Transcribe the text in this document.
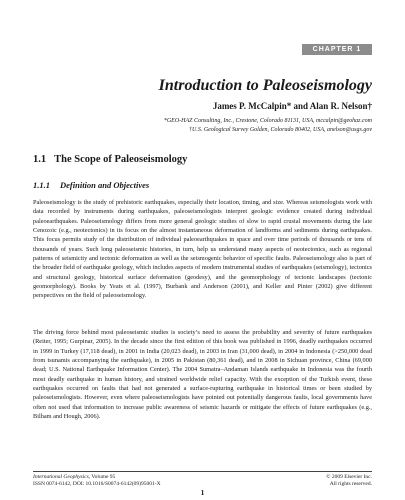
CHAPTER 1
Introduction to Paleoseismology
James P. McCalpin* and Alan R. Nelson†
*GEO-HAZ Consulting, Inc., Crestone, Colorado 81131, USA, mccalpin@geohaz.com
†U.S. Geological Survey Golden, Colorado 80402, USA, anelson@usgs.gov
1.1 The Scope of Paleoseismology
1.1.1 Definition and Objectives

Paleoseismology is the study of prehistoric earthquakes, especially their location, timing, and size. Whereas seismologists work with data recorded by instruments during earthquakes, paleoseismologists interpret geologic evidence created during individual paleoearthquakes. Paleoseismology differs from more general geologic studies of slow to rapid crustal movements during the late Cenozoic (e.g., neotectonics) in its focus on the almost instantaneous deformation of landforms and sediments during earthquakes. This focus permits study of the distribution of individual paleoearthquakes in space and over time periods of thousands or tens of thousands of years. Such long paleoseismic histories, in turn, help us understand many aspects of neotectonics, such as regional patterns of seismicity and tectonic deformation as well as the seismogenic behavior of specific faults. Paleoseismology also is part of the broader field of earthquake geology, which includes aspects of modern instrumental studies of earthquakes (seismology), tectonics and structural geology, historical surface deformation (geodesy), and the geomorphology of tectonic landscapes (tectonic geomorphology). Books by Yeats et al. (1997), Burbank and Anderson (2001), and Keller and Pinter (2002) give different perspectives on the field of paleoseismology.

The driving force behind most paleoseismic studies is society’s need to assess the probability and severity of future earthquakes (Reiter, 1995; Gurpinar, 2005). In the decade since the first edition of this book was published in 1996, deadly earthquakes occurred in 1999 in Turkey (17,118 dead), in 2001 in India (20,023 dead), in 2003 in Iran (31,000 dead), in 2004 in Indonesia (>250,000 dead from tsunamis accompanying the earthquake), in 2005 in Pakistan (80,361 dead), and in 2008 in Sichuan province, China (69,000 dead; U.S. National Earthquake Information Center). The 2004 Sumatra–Andaman Islands earthquake in Indonesia was the fourth most deadly earthquake in human history, and strained worldwide relief capacity. With the exception of the Turkish event, these earthquakes occurred on faults that had not generated a surface-rupturing earthquake in historical times or been studied by paleoseismologists. However, even where paleoseismologists have pointed out potentially dangerous faults, local governments have often not used that information to increase public awareness of seismic hazards or mitigate the effects of future earthquakes (e.g., Bilham and Hough, 2006).

International Geophysics, Volume 95
ISSN 0074-6142, DOI: 10.1016/S0074-6142(09)95001-X
© 2009 Elsevier Inc.
All rights reserved.
1
